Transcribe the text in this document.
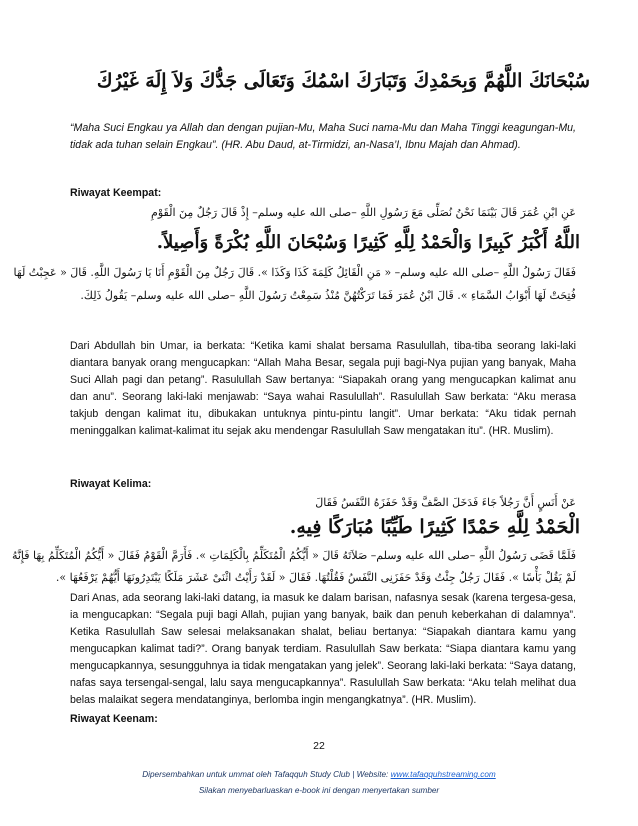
سُبْحَانَكَ اللَّهُمَّ وَبِحَمْدِكَ وَتَبَارَكَ اسْمُكَ وَتَعَالَى جَدُّكَ وَلاَ إِلَهَ غَيْرُكَ
“Maha Suci Engkau ya Allah dan dengan pujian-Mu, Maha Suci nama-Mu dan Maha Tinggi keagungan-Mu, tidak ada tuhan selain Engkau”. (HR. Abu Daud, at-Tirmidzi, an-Nasa’I, Ibnu Majah dan Ahmad).
Riwayat Keempat:
عَنِ ابْنِ عُمَرَ قَالَ بَيْنَمَا نَحْنُ نُصَلِّى مَعَ رَسُولِ اللَّهِ –صلى الله عليه وسلم– إِذْ قَالَ رَجُلٌ مِنَ الْقَوْمِ
اللَّهُ أَكْبَرُ كَبِيرًا وَالْحَمْدُ لِلَّهِ كَثِيرًا وَسُبْحَانَ اللَّهِ بُكْرَةً وَأَصِيلاً.
فَقَالَ رَسُولُ اللَّهِ –صلى الله عليه وسلم– « مَنِ الْقَائِلُ كَلِمَةَ كَذَا وَكَذَا ». قَالَ رَجُلٌ مِنَ الْقَوْمِ أَنَا يَا رَسُولَ اللَّهِ. قَالَ « عَجِبْتُ لَهَا
فُتِحَتْ لَهَا أَبْوَابُ السَّمَاءِ ». قَالَ ابْنُ عُمَرَ فَمَا تَرَكْتُهُنَّ مُنْذُ سَمِعْتُ رَسُولَ اللَّهِ –صلى الله عليه وسلم– يَقُولُ ذَلِكَ.
Dari Abdullah bin Umar, ia berkata: “Ketika kami shalat bersama Rasulullah, tiba-tiba seorang laki-laki diantara banyak orang mengucapkan: “Allah Maha Besar, segala puji bagi-Nya pujian yang banyak, Maha Suci Allah pagi dan petang”. Rasulullah Saw bertanya: “Siapakah orang yang mengucapkan kalimat anu dan anu”. Seorang laki-laki menjawab: “Saya wahai Rasulullah”. Rasulullah Saw berkata: “Aku merasa takjub dengan kalimat itu, dibukakan untuknya pintu-pintu langit”. Umar berkata: “Aku tidak pernah meninggalkan kalimat-kalimat itu sejak aku mendengar Rasulullah Saw mengatakan itu”. (HR. Muslim).
Riwayat Kelima:
عَنْ أَنَسٍ أَنَّ رَجُلاً جَاءَ فَدَخَلَ الصَّفَّ وَقَدْ حَفَزَهُ النَّفَسُ فَقَالَ
الْحَمْدُ لِلَّهِ حَمْدًا كَثِيرًا طَيِّبًا مُبَارَكًا فِيهِ.
فَلَمَّا قَضَى رَسُولُ اللَّهِ –صلى الله عليه وسلم– صَلاَتَهُ قَالَ « أَيُّكُمُ الْمُتَكَلِّمُ بِالْكَلِمَاتِ ». فَأَرَمَّ الْقَوْمُ فَقَالَ « أَيُّكُمُ الْمُتَكَلِّمُ بِهَا فَإِنَّهُ
لَمْ يَقُلْ بَأْسًا ». فَقَالَ رَجُلٌ جِئْتُ وَقَدْ حَفَزَنِى النَّفَسُ فَقُلْتُهَا. فَقَالَ « لَقَدْ رَأَيْتُ اثْنَىْ عَشَرَ مَلَكًا يَبْتَدِرُونَهَا أَيُّهُمْ يَرْفَعُهَا ».
Dari Anas, ada seorang laki-laki datang, ia masuk ke dalam barisan, nafasnya sesak (karena tergesa-gesa, ia mengucapkan: “Segala puji bagi Allah, pujian yang banyak, baik dan penuh keberkahan di dalamnya”. Ketika Rasulullah Saw selesai melaksanakan shalat, beliau bertanya: “Siapakah diantara kamu yang mengucapkan kalimat tadi?”. Orang banyak terdiam. Rasulullah Saw berkata: “Siapa diantara kamu yang mengucapkannya, sesungguhnya ia tidak mengatakan yang jelek”. Seorang laki-laki berkata: “Saya datang, nafas saya tersengal-sengal, lalu saya mengucapkannya”. Rasulullah Saw berkata: “Aku telah melihat dua belas malaikat segera mendatanginya, berlomba ingin mengangkatnya”. (HR. Muslim).
Riwayat Keenam:
22
Dipersembahkan untuk ummat oleh Tafaqquh Study Club | Website: www.tafaqquhstreaming.com
Silakan menyebarluaskan e-book ini dengan menyertakan sumber
